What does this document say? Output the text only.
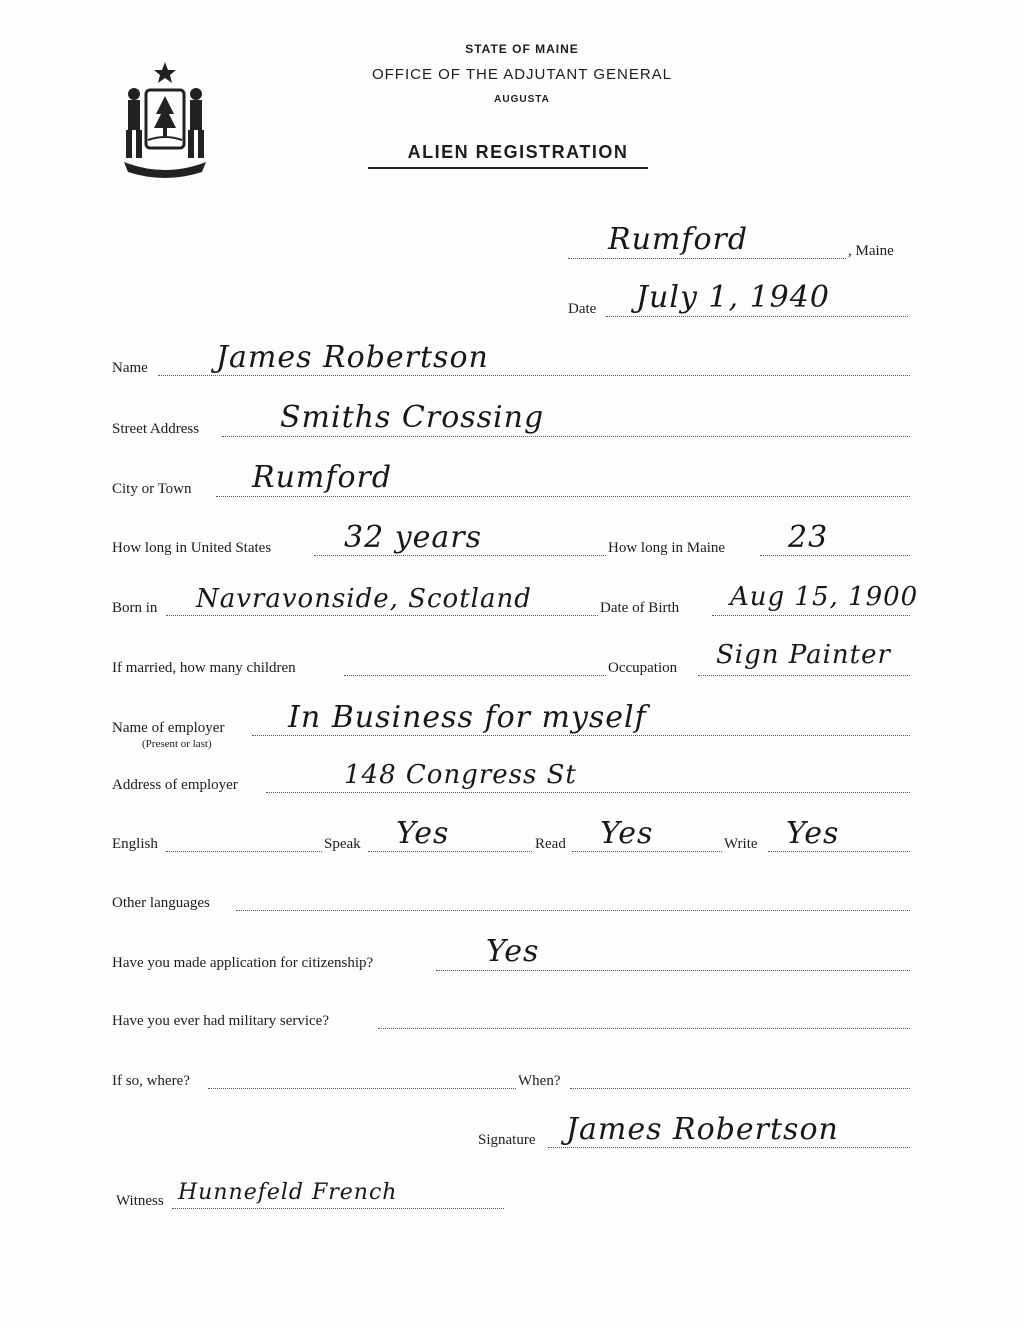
STATE OF MAINE
OFFICE OF THE ADJUTANT GENERAL
AUGUSTA
ALIEN REGISTRATION
Rumford	, Maine
Date July 1, 1940
Name James Robertson
Street Address	Smiths Crossing
City or Town Rumford
How long in United States 32 years	How long in Maine 23
Born in Navravonside, Scotland	Date of Birth Aug 15, 1900
If married, how many children	Occupation Sign Painter
Name of employer
(Present or last)
In Business for myself
Address of employer	148 Congress St
English	Speak Yes	Read Yes	Write Yes
Other languages
Have you made application for citizenship?	Yes
Have you ever had military service?
If so, where?	When?
Signature James Robertson
Witness Hunnefeld French
